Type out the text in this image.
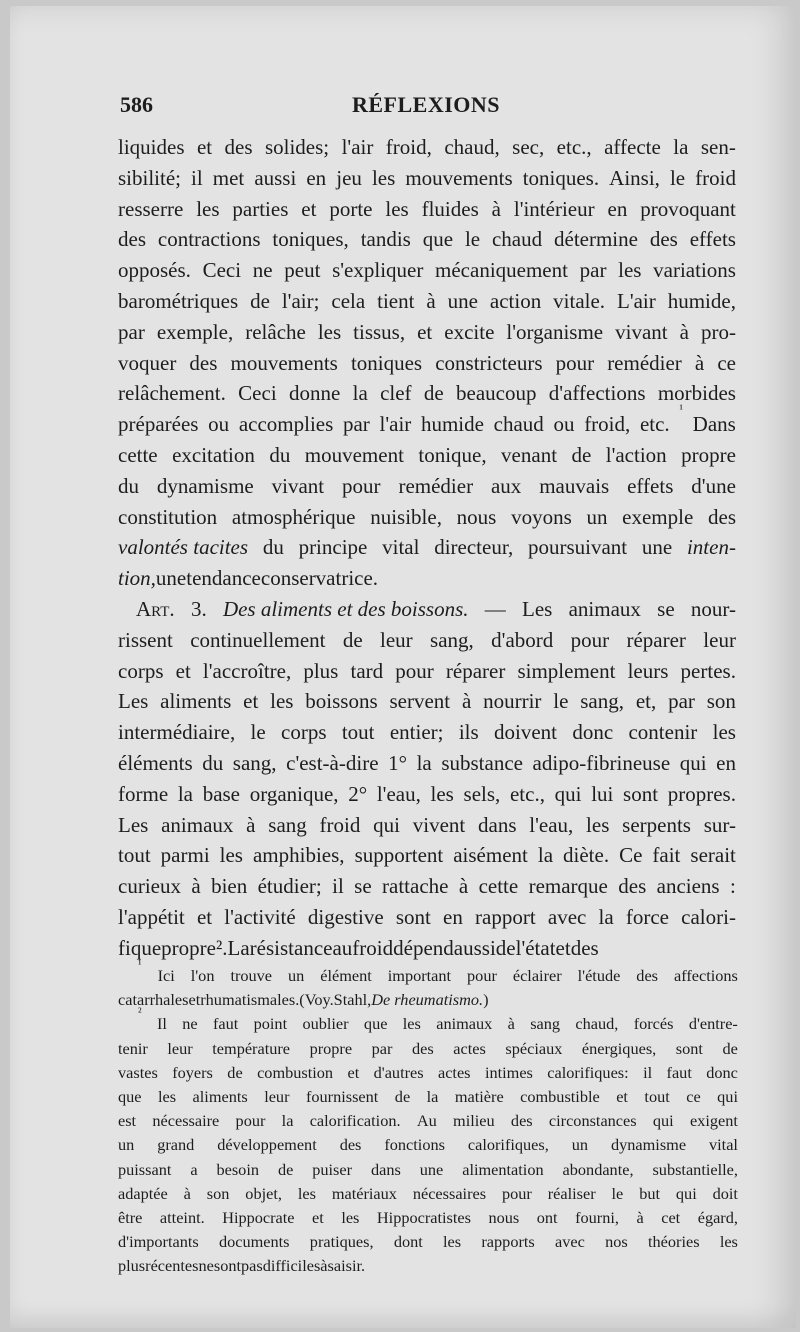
586	RÉFLEXIONS
liquides et des solides; l'air froid, chaud, sec, etc., affecte la sen-
sibilité; il met aussi en jeu les mouvements toniques. Ainsi, le froid
resserre les parties et porte les fluides à l'intérieur en provoquant
des contractions toniques, tandis que le chaud détermine des effets
opposés. Ceci ne peut s'expliquer mécaniquement par les variations
barométriques de l'air; cela tient à une action vitale. L'air humide,
par exemple, relâche les tissus, et excite l'organisme vivant à pro-
voquer des mouvements toniques constricteurs pour remédier à ce
relâchement. Ceci donne la clef de beaucoup d'affections morbides
préparées ou accomplies par l'air humide chaud ou froid, etc.
¹
Dans
cette excitation du mouvement tonique, venant de l'action propre
du dynamisme vivant pour remédier aux mauvais effets d'une
constitution atmosphérique nuisible, nous voyons un exemple des
valontés tacites du principe vital directeur, poursuivant une inten-
tion, une tendance conservatrice.
Art. 3. Des aliments et des boissons. — Les animaux se nour-
rissent continuellement de leur sang, d'abord pour réparer leur
corps et l'accroître, plus tard pour réparer simplement leurs pertes.
Les aliments et les boissons servent à nourrir le sang, et, par son
intermédiaire, le corps tout entier; ils doivent donc contenir les
éléments du sang, c'est-à-dire 1° la substance adipo-fibrineuse qui en
forme la base organique, 2° l'eau, les sels, etc., qui lui sont propres.
Les animaux à sang froid qui vivent dans l'eau, les serpents sur-
tout parmi les amphibies, supportent aisément la diète. Ce fait serait
curieux à bien étudier; il se rattache à cette remarque des anciens :
l'appétit et l'activité digestive sont en rapport avec la force calori-
fique propre ². La résistance au froid dépend aussi de l'état et des
¹
Ici l'on trouve un élément important pour éclairer l'étude des affections
catarrhales et rhumatismales. (Voy. Stahl, De rheumatismo. )
²
Il ne faut point oublier que les animaux à sang chaud, forcés d'entre-
tenir leur température propre par des actes spéciaux énergiques, sont de
vastes foyers de combustion et d'autres actes intimes calorifiques: il faut donc
que les aliments leur fournissent de la matière combustible et tout ce qui
est nécessaire pour la calorification. Au milieu des circonstances qui exigent
un grand développement des fonctions calorifiques, un dynamisme vital
puissant a besoin de puiser dans une alimentation abondante, substantielle,
adaptée à son objet, les matériaux nécessaires pour réaliser le but qui doit
être atteint. Hippocrate et les Hippocratistes nous ont fourni, à cet égard,
d'importants documents pratiques, dont les rapports avec nos théories les
plus récentes ne sont pas difficiles à saisir.
